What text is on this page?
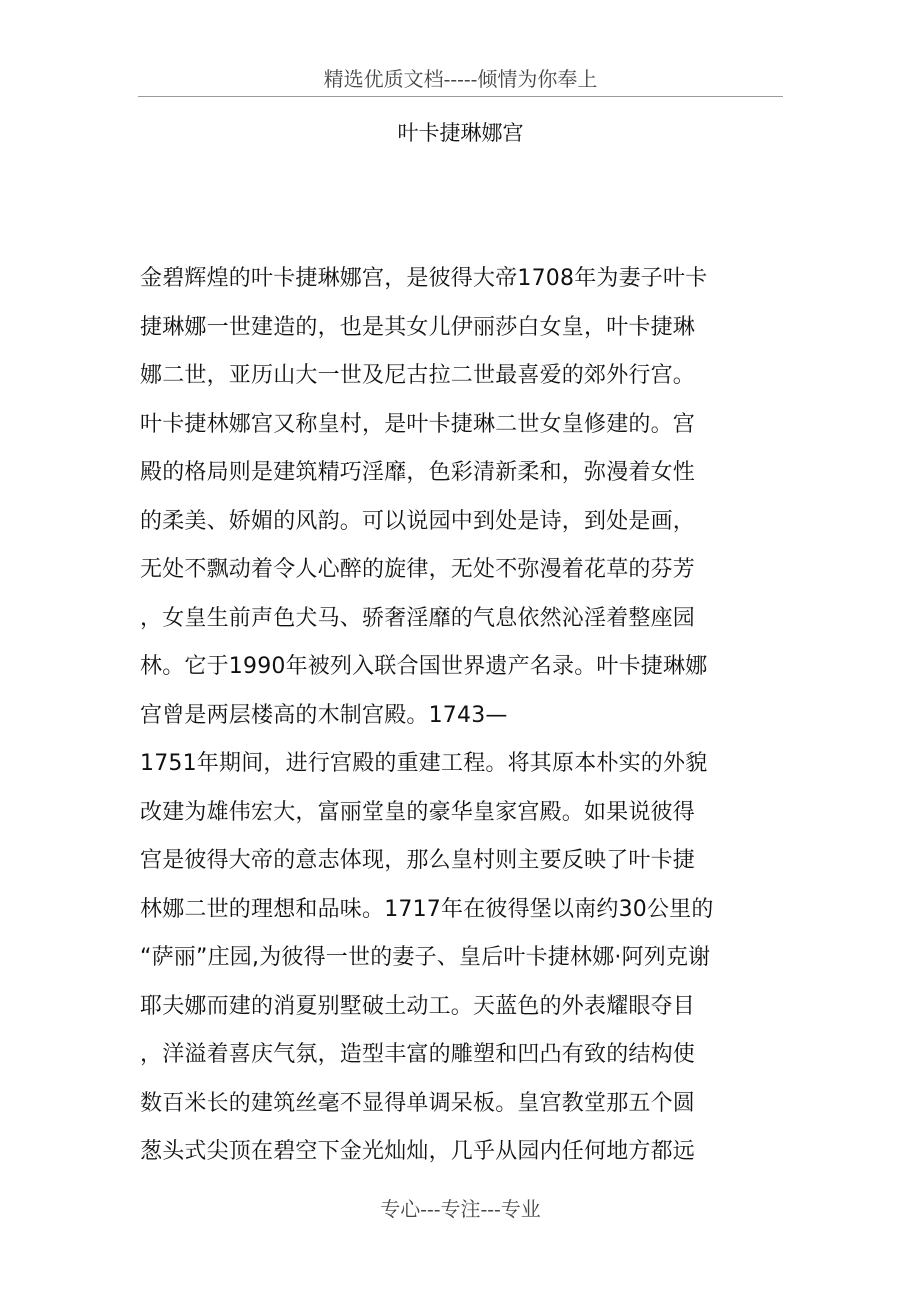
精选优质文档-----倾情为你奉上
叶卡捷琳娜宫
金碧辉煌的叶卡捷琳娜宫，是彼得大帝1708年为妻子叶卡
捷琳娜一世建造的，也是其女儿伊丽莎白女皇，叶卡捷琳
娜二世，亚历山大一世及尼古拉二世最喜爱的郊外行宫。
叶卡捷林娜宫又称皇村，是叶卡捷琳二世女皇修建的。宫
殿的格局则是建筑精巧淫靡，色彩清新柔和，弥漫着女性
的柔美、娇媚的风韵。可以说园中到处是诗，到处是画，
无处不飘动着令人心醉的旋律，无处不弥漫着花草的芬芳
，女皇生前声色犬马、骄奢淫靡的气息依然沁淫着整座园
林。它于1990年被列入联合国世界遗产名录。叶卡捷琳娜
宫曾是两层楼高的木制宫殿。1743—
1751年期间，进行宫殿的重建工程。将其原本朴实的外貌
改建为雄伟宏大，富丽堂皇的豪华皇家宫殿。如果说彼得
宫是彼得大帝的意志体现，那么皇村则主要反映了叶卡捷
林娜二世的理想和品味。1717年在彼得堡以南约30公里的
“萨丽”庄园,为彼得一世的妻子、皇后叶卡捷林娜·阿列克谢
耶夫娜而建的消夏别墅破土动工。天蓝色的外表耀眼夺目
，洋溢着喜庆气氛，造型丰富的雕塑和凹凸有致的结构使
数百米长的建筑丝毫不显得单调呆板。皇宫教堂那五个圆
葱头式尖顶在碧空下金光灿灿，几乎从园内任何地方都远
专心---专注---专业
